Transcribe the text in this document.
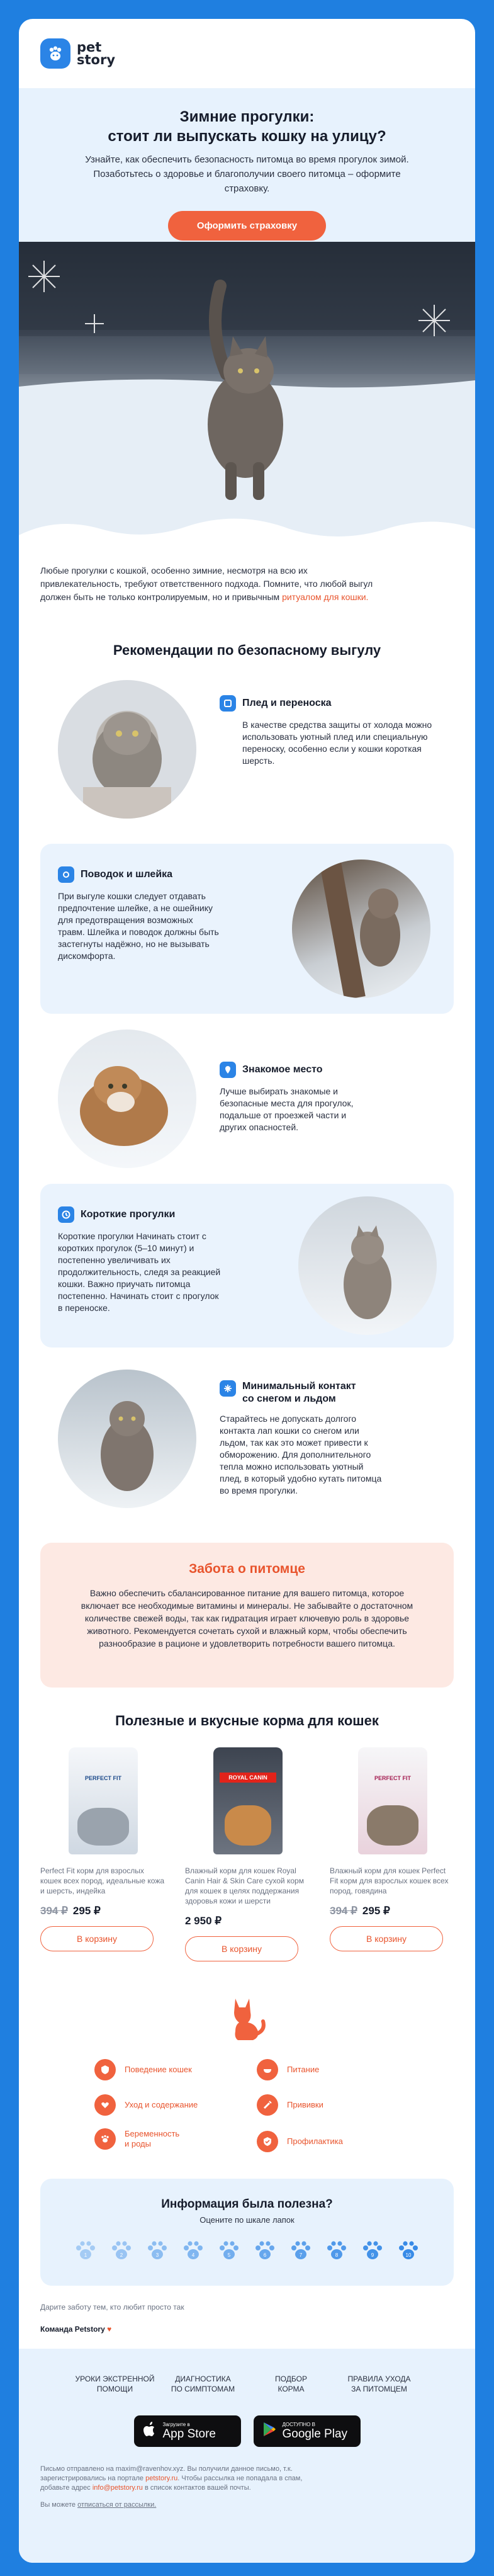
pet
story
Зимние прогулки:
стоит ли выпускать кошку на улицу?

Узнайте, как обеспечить безопасность питомца во время прогулок зимой. Позаботьтесь о здоровье и благополучии своего питомца – оформите страховку.

Оформить страховку

Любые прогулки с кошкой, особенно зимние, несмотря на всю их привлекательность, требуют ответственного подхода. Помните, что любой выгул должен быть не только контролируемым, но и привычным ритуалом для кошки.

Рекомендации по безопасному выгулу
Плед и переноска
В качестве средства защиты от холода можно использовать уютный плед или специальную переноску, особенно если у кошки короткая шерсть.
Поводок и шлейка
При выгуле кошки следует отдавать предпочтение шлейке, а не ошейнику для предотвращения возможных травм. Шлейка и поводок должны быть застегнуты надёжно, но не вызывать дискомфорта.
Знакомое место
Лучше выбирать знакомые и безопасные места для прогулок, подальше от проезжей части и других опасностей.
Короткие прогулки
Короткие прогулки Начинать стоит с коротких прогулок (5–10 минут) и постепенно увеличивать их продолжительность, следя за реакцией кошки. Важно приучать питомца постепенно. Начинать стоит с прогулок в переноске.
Минимальный контакт
со снегом и льдом
Старайтесь не допускать долгого контакта лап кошки со снегом или льдом, так как это может привести к обморожению. Для дополнительного тепла можно использовать уютный плед, в который удобно кутать питомца во время прогулки.
Забота о питомце

Важно обеспечить сбалансированное питание для вашего питомца, которое включает все необходимые витамины и минералы. Не забывайте о достаточном количестве свежей воды, так как гидратация играет ключевую роль в здоровье животного. Рекомендуется сочетать сухой и влажный корм, чтобы обеспечить разнообразие в рационе и удовлетворить потребности вашего питомца.

Полезные и вкусные корма для кошек
PERFECT FIT
Perfect Fit корм для взрослых кошек всех пород, идеальные кожа и шерсть, индейка
394 ₽ 295 ₽
В корзину
ROYAL CANIN
Влажный корм для кошек Royal Canin Hair & Skin Care сухой корм для кошек в целях поддержания здоровья кожи и шерсти
2 950 ₽
В корзину
PERFECT FIT
Влажный корм для кошек Perfect Fit корм для взрослых кошек всех пород, говядина
394 ₽ 295 ₽
В корзину
Поведение кошек	Питание
Уход и содержание	Прививки
Беременность
и роды	Профилактика
Информация была полезна?
Оцените по шкале лапок
1	2	3	4	5	6	7	8	9	10
Дарите заботу тем, кто любит просто так
Команда Petstory ♥
УРОКИ ЭКСТРЕННОЙ
ПОМОЩИ
ДИАГНОСТИКА
ПО СИМПТОМАМ
ПОДБОР
КОРМА
ПРАВИЛА УХОДА
ЗА ПИТОМЦЕМ
Загрузите в
App Store
ДОСТУПНО В
Google Play

Письмо отправлено на maxim@ravenhov.xyz. Вы получили данное письмо, т.к. зарегистрировались на портале petstory.ru. Чтобы рассылка не попадала в спам, добавьте адрес info@petstory.ru в список контактов вашей почты.

Вы можете отписаться от рассылки.
